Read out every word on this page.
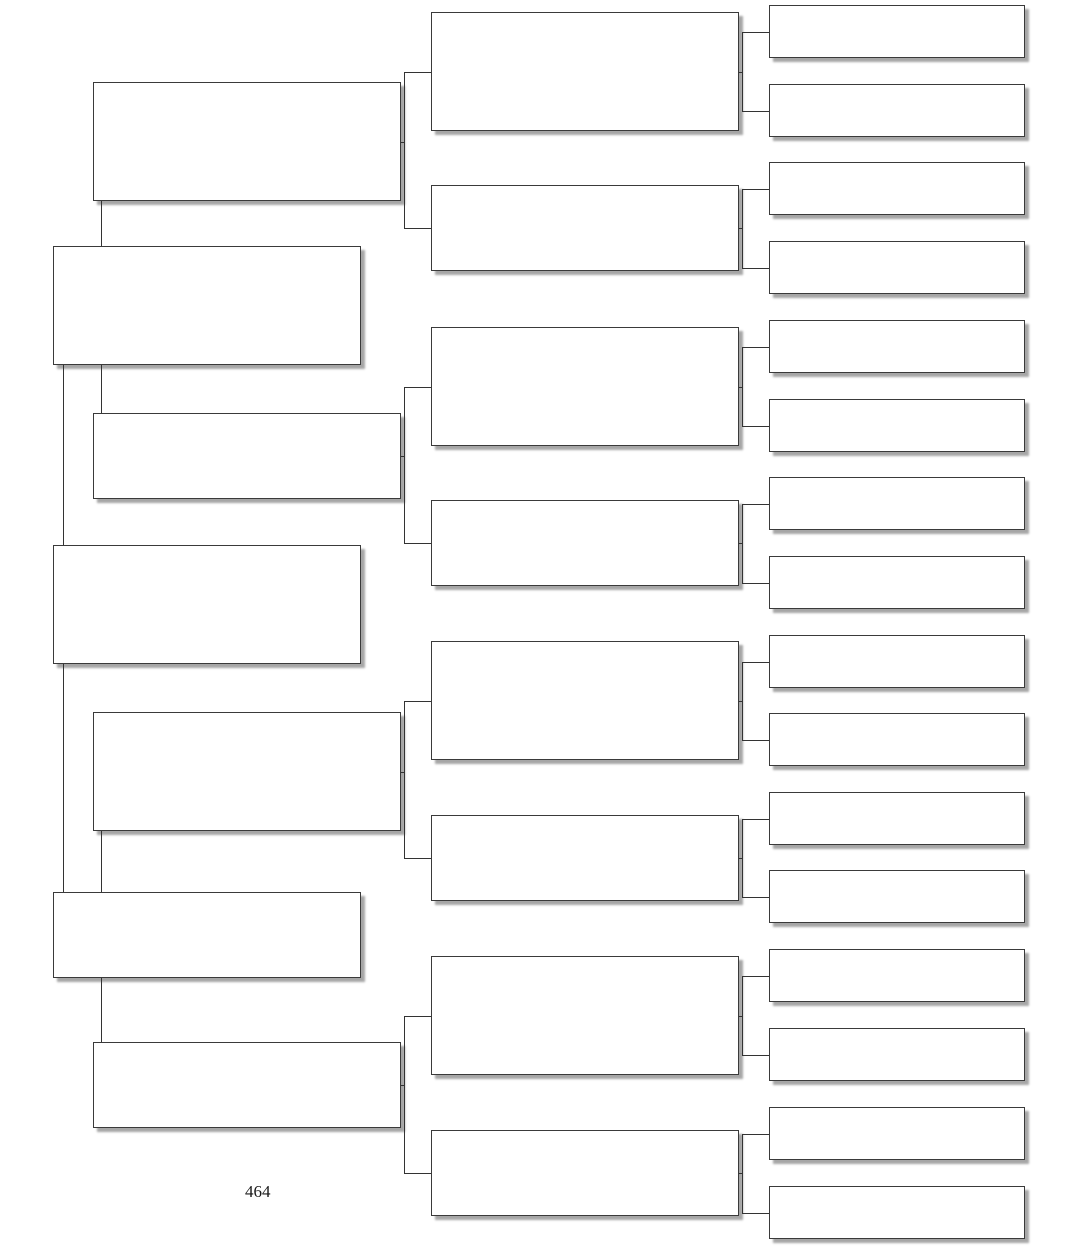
464
